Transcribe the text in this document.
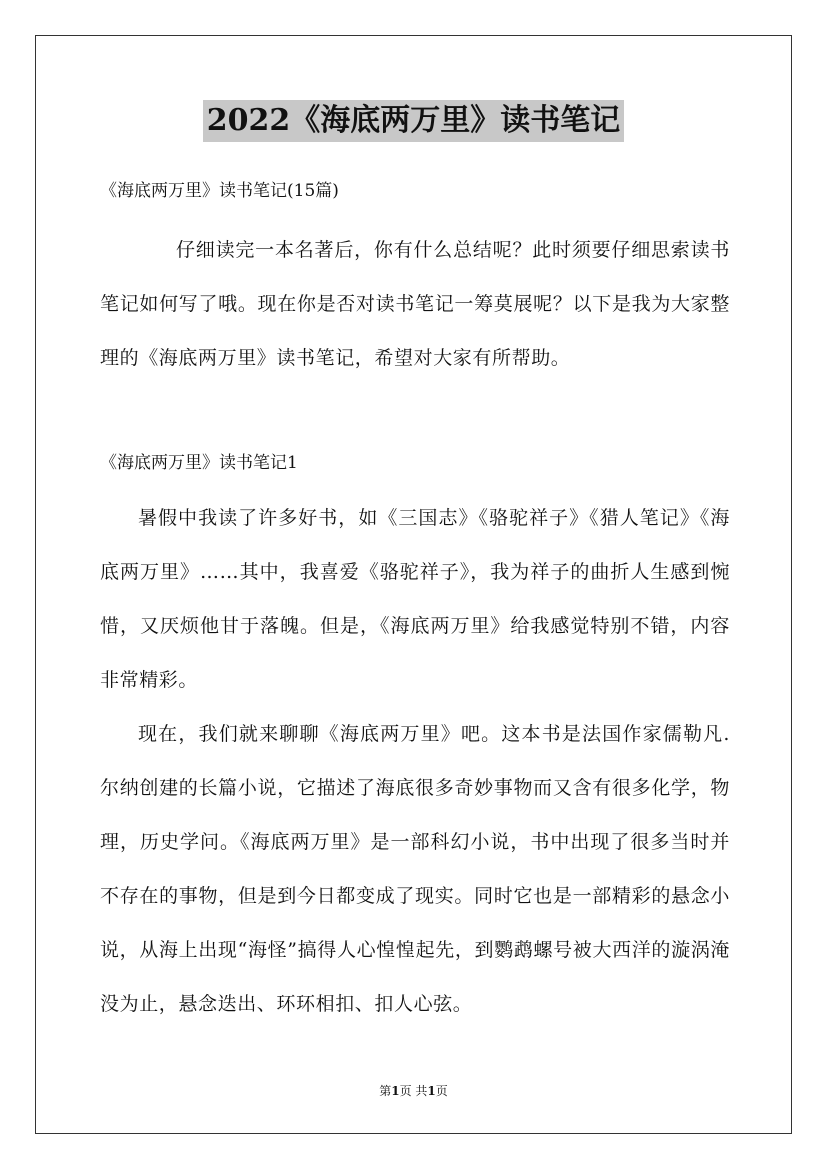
2022《海底两万里》读书笔记
《海底两万里》读书笔记(15篇)
仔细读完一本名著后，你有什么总结呢？此时须要仔细思索读书笔记如何写了哦。现在你是否对读书笔记一筹莫展呢？以下是我为大家整理的《海底两万里》读书笔记，希望对大家有所帮助。
《海底两万里》读书笔记1
暑假中我读了许多好书，如《三国志》《骆驼祥子》《猎人笔记》《海底两万里》……其中，我喜爱《骆驼祥子》，我为祥子的曲折人生感到惋惜，又厌烦他甘于落魄。但是，《海底两万里》给我感觉特别不错，内容非常精彩。
现在，我们就来聊聊《海底两万里》吧。这本书是法国作家儒勒凡.尔纳创建的长篇小说，它描述了海底很多奇妙事物而又含有很多化学，物理，历史学问。《海底两万里》是一部科幻小说，书中出现了很多当时并不存在的事物，但是到今日都变成了现实。同时它也是一部精彩的悬念小说，从海上出现“海怪”搞得人心惶惶起先，到鹦鹉螺号被大西洋的漩涡淹没为止，悬念迭出、环环相扣、扣人心弦。
第1页 共1页
